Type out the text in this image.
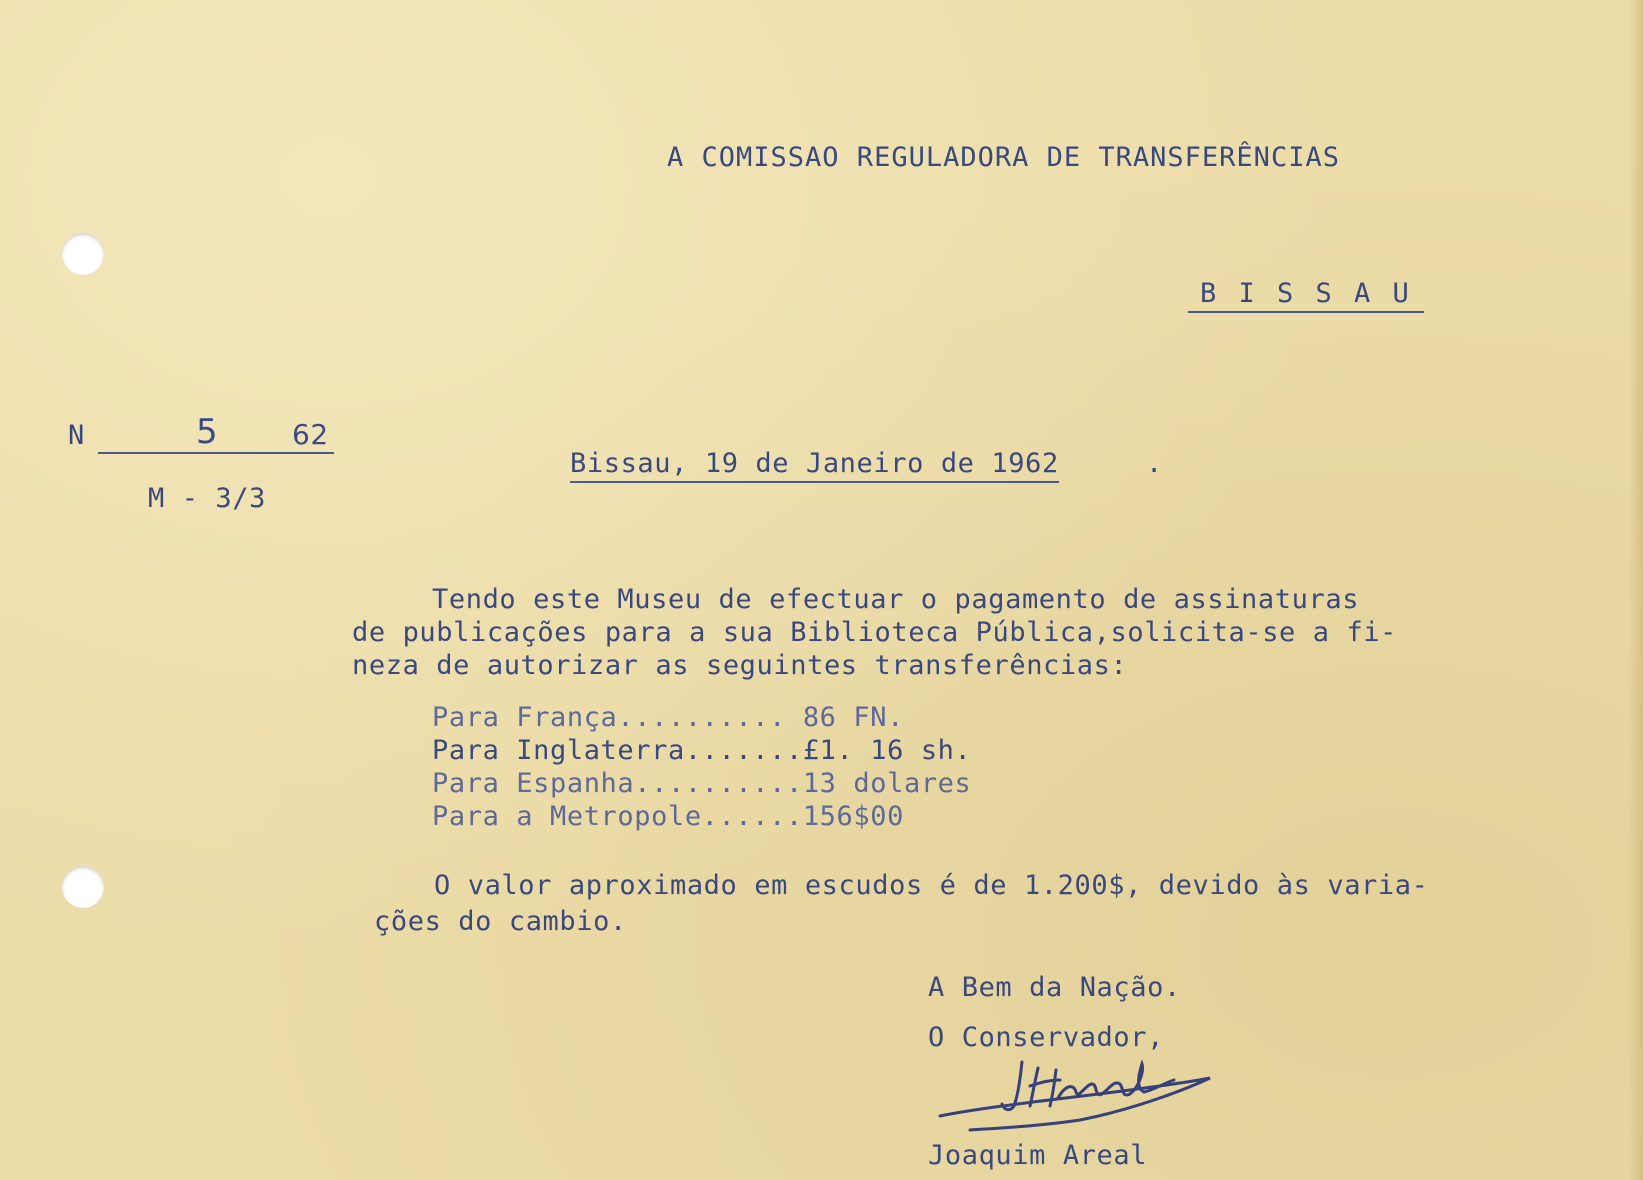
A COMISSAO REGULADORA DE TRANSFERÊNCIAS
B I S S A U
N	5	62
M - 3/3
Bissau, 19 de Janeiro de 1962	.
Tendo este Museu de efectuar o pagamento de assinaturas
de publicações para a sua Biblioteca Pública,solicita-se a fi-
neza de autorizar as seguintes transferências:
Para França.......... 86 FN.
Para Inglaterra.......£1. 16 sh.
Para Espanha..........13 dolares
Para a Metropole......156$00
O valor aproximado em escudos é de 1.200$, devido às varia-
ções do cambio.
A Bem da Nação.
O Conservador,
Joaquim Areal
